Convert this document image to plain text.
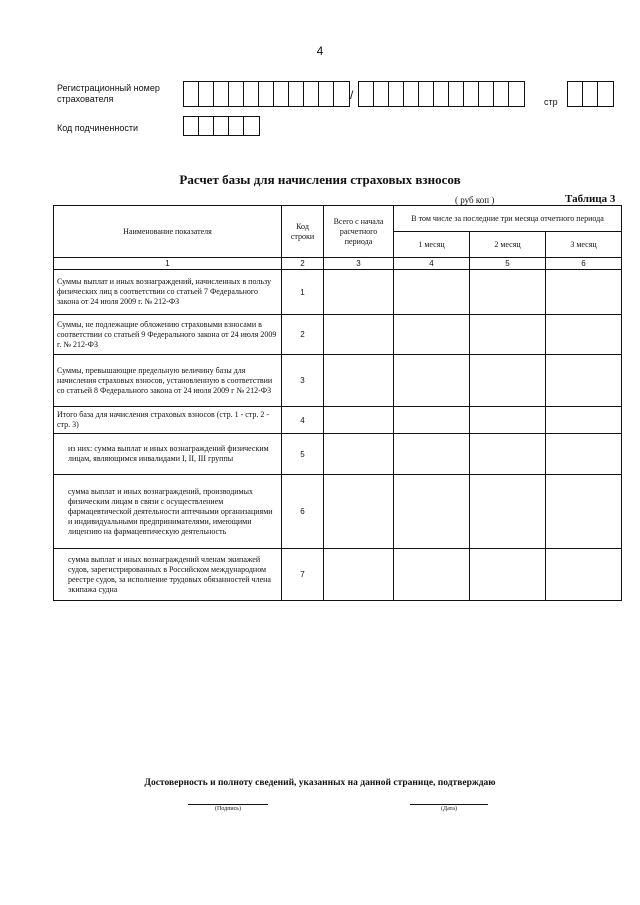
4
Регистрационный номер страхователя	/	стр
Код подчиненности
Расчет базы для начисления страховых взносов
( руб коп )	Таблица 3
Наименование показателя	Код строки	Всего с начала расчетного периода	В том числе за последние три месяца отчетного периода		
			1 месяц	2 месяц	3 месяц
1	2	3	4	5	6
Суммы выплат и иных вознаграждений, начисленных в пользу физических лиц в соответствии со статьей 7 Федерального закона от 24 июля 2009 г. № 212-ФЗ	1				
Суммы, не подлежащие обложению страховыми взносами в соответствии со статьей 9 Федерального закона от 24 июля 2009 г. № 212-ФЗ	2				
Суммы, превышающие предельную величину базы для начисления страховых взносов, установленную в соответствии со статьей 8 Федерального закона от 24 июля 2009 г № 212-ФЗ	3				
Итого база для начисления страховых взносов (стр. 1 - стр. 2 - стр. 3)	4				
из них: сумма выплат и иных вознаграждений физическим лицам, являющимся инвалидами I, II, III группы	5				
сумма выплат и иных вознаграждений, производимых физическим лицам в связи с осуществлением фармацевтической деятельности аптечными организациями и индивидуальными предпринимателями, имеющими лицензию на фармацевтическую деятельность	6				
сумма выплат и иных вознаграждений членам экипажей судов, зарегистрированных в Российском международном реестре судов, за исполнение трудовых обязанностей члена экипажа судна	7				
Достоверность и полноту сведений, указанных на данной странице, подтверждаю
(Подпись)	(Дата)
